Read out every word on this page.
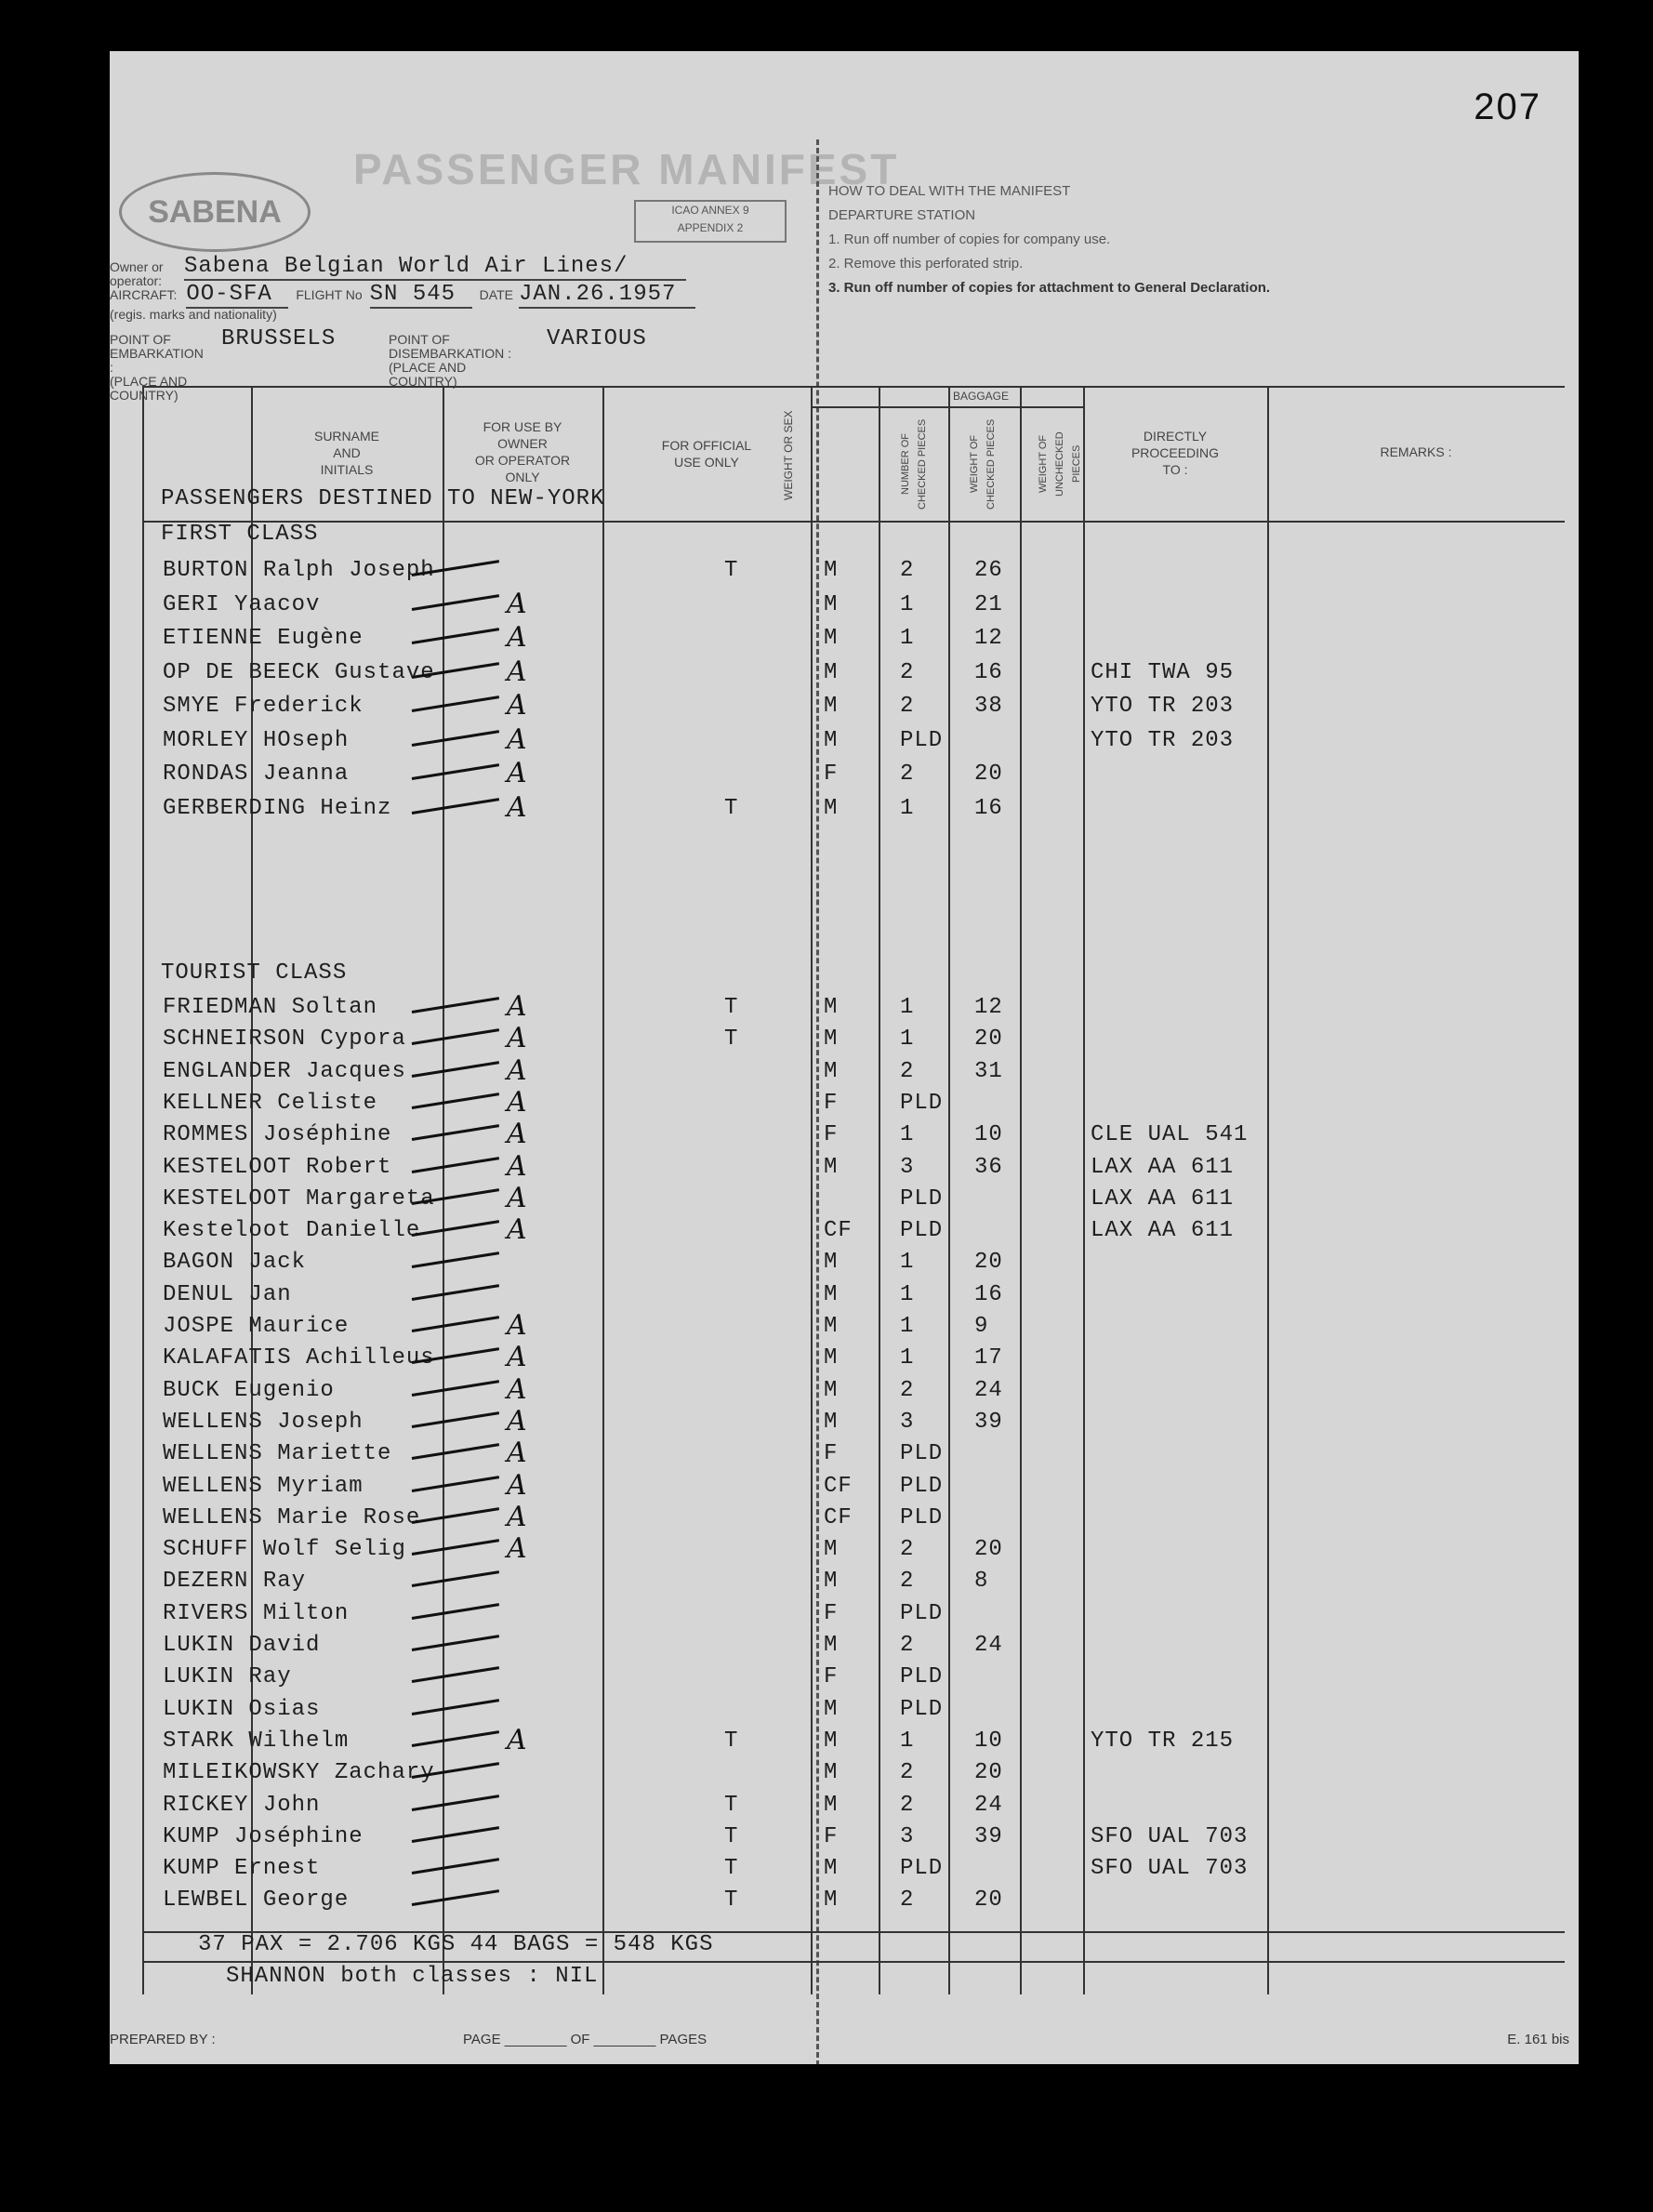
207
SABENA
PASSENGER MANIFEST
ICAO ANNEX 9
APPENDIX 2
HOW TO DEAL WITH THE MANIFEST
DEPARTURE STATION
1. Run off number of copies for company use.
2. Remove this perforated strip.
3. Run off number of copies for attachment to General Declaration.
Owner or operator:
Sabena Belgian World Air Lines/
AIRCRAFT: OO-SFA	FLIGHT No SN 545	DATE JAN.26.1957
(regis. marks and nationality)
POINT OF
EMBARKATION :
(PLACE AND COUNTRY)
BRUSSELS	POINT OF
DISEMBARKATION :
(PLACE AND COUNTRY)
VARIOUS
SURNAME
AND
INITIALS
FOR USE BY
OWNER
OR OPERATOR
ONLY
FOR OFFICIAL
USE ONLY	WEIGHT OR SEX
BAGGAGE
NUMBER OF CHECKED PIECES	WEIGHT OF CHECKED PIECES	WEIGHT OF UNCHECKED PIECES
DIRECTLY
PROCEEDING
TO :
REMARKS :
PASSENGERS DESTINED TO NEW-YORK
FIRST CLASS
BURTON Ralph Joseph	T	M	2	26
GERI Yaacov	A	M	1	21
ETIENNE Eugène	A	M	1	12
OP DE BEECK Gustave	A	M	2	16	CHI TWA 95
SMYE Frederick	A	M	2	38	YTO TR 203
MORLEY HOseph	A	M	PLD	YTO TR 203
RONDAS Jeanna	A	F	2	20
GERBERDING Heinz	A	T	M	1	16
TOURIST CLASS
FRIEDMAN Soltan	A	T	M	1	12
SCHNEIRSON Cypora	A	T	M	1	20
ENGLANDER Jacques	A	M	2	31
KELLNER Celiste	A	F	PLD
ROMMES Joséphine	A	F	1	10	CLE UAL 541
KESTELOOT Robert	A	M	3	36	LAX AA 611
KESTELOOT Margareta	A	PLD	LAX AA 611
Kesteloot Danielle	A	CF PLD	LAX AA 611
BAGON Jack	M	1	20
DENUL Jan	M	1	16
JOSPE Maurice	A	M	1	9
KALAFATIS Achilleus	A	M	1	17
BUCK Eugenio	A	M	2	24
WELLENS Joseph	A	M	3	39
WELLENS Mariette	A	F	PLD
WELLENS Myriam	A	CF PLD
WELLENS Marie Rose	A	CF PLD
SCHUFF Wolf Selig	A	M	2	20
DEZERN Ray	M	2	8
RIVERS Milton	F	PLD
LUKIN David	M	2	24
LUKIN Ray	F	PLD
LUKIN Osias	M	PLD
STARK Wilhelm	A	T	M	1	10	YTO TR 215
MILEIKOWSKY Zachary	M	2	20
RICKEY John	T	M	2	24
KUMP Joséphine	T	F	3	39	SFO UAL 703
KUMP Ernest	T	M	PLD	SFO UAL 703
LEWBEL George	T	M	2	20
37 PAX = 2.706 KGS 44 BAGS = 548 KGS
SHANNON both classes : NIL
PREPARED BY :	PAGE ________ OF ________ PAGES	E. 161 bis
